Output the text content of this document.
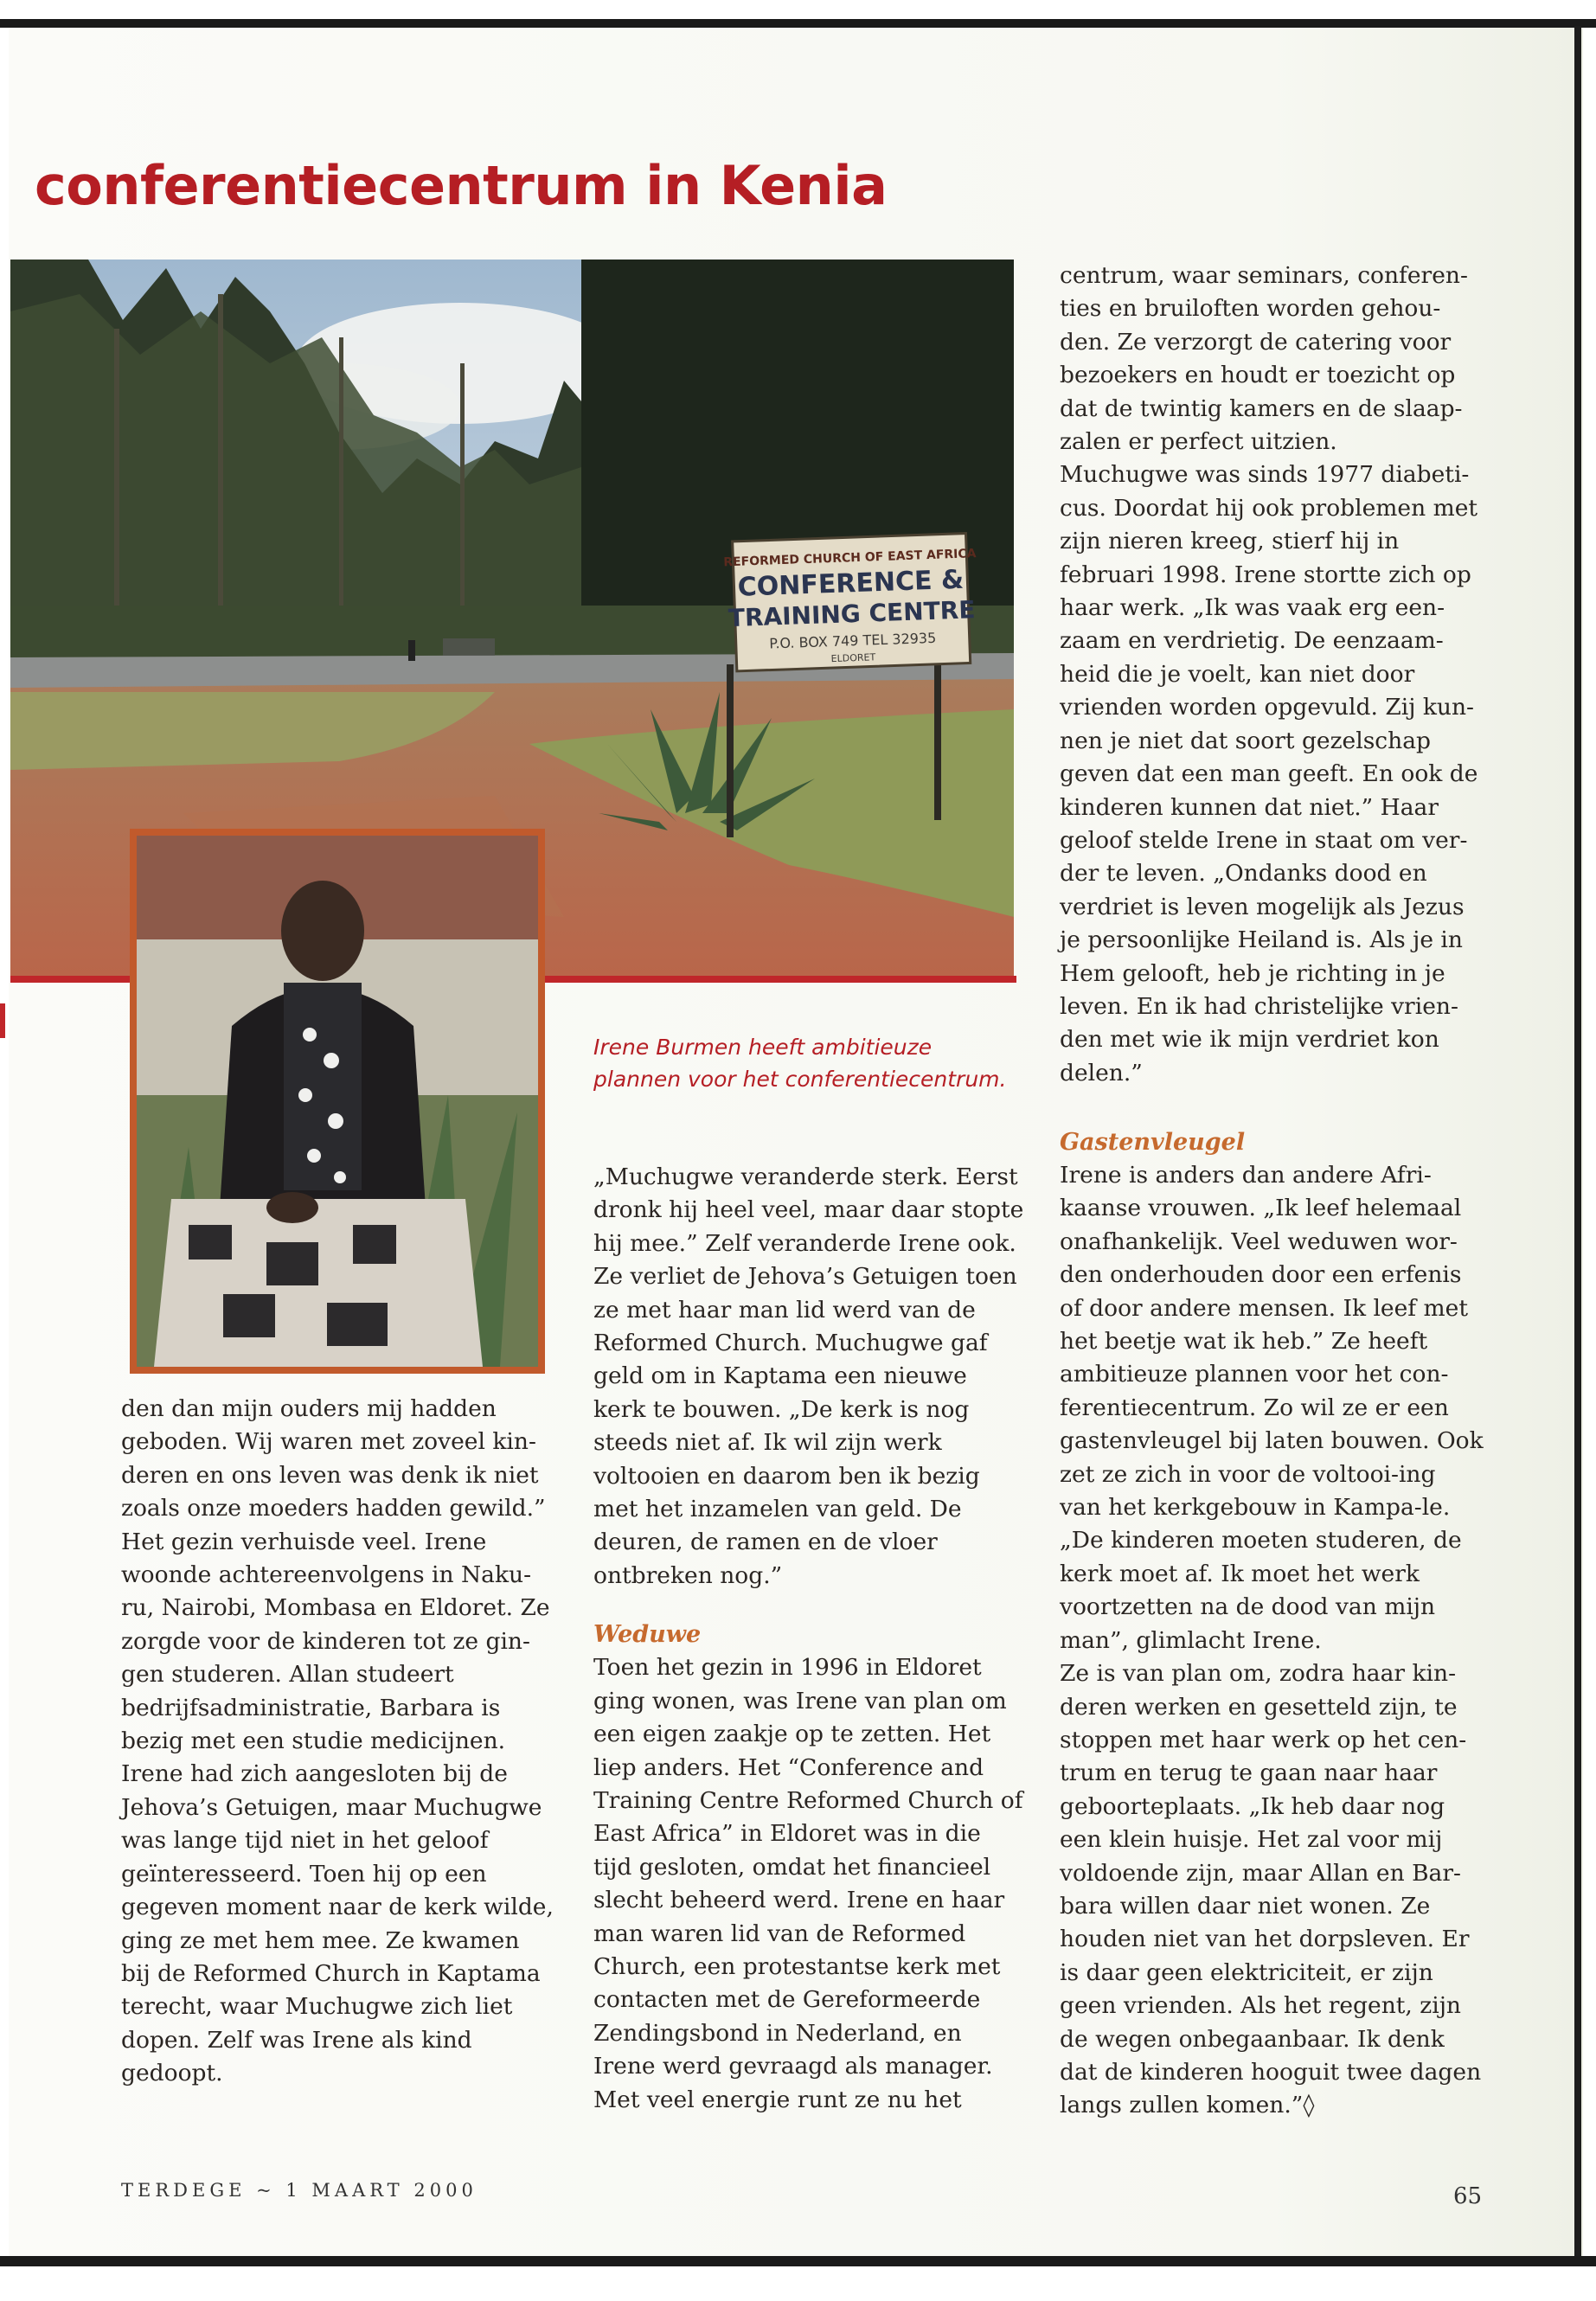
conferentiecentrum in Kenia
REFORMED CHURCH OF EAST AFRICA
CONFERENCE &
TRAINING CENTRE
P.O. BOX 749 TEL 32935
ELDORET

Irene Burmen heeft ambitieuze plannen voor het conferentiecentrum.

den dan mijn ouders mij hadden geboden. Wij waren met zoveel kin-deren en ons leven was denk ik niet zoals onze moeders hadden gewild.”

Het gezin verhuisde veel. Irene woonde achtereenvolgens in Naku-ru, Nairobi, Mombasa en Eldoret. Ze zorgde voor de kinderen tot ze gin-gen studeren. Allan studeert bedrijfsadministratie, Barbara is bezig met een studie medicijnen. Irene had zich aangesloten bij de Jehova’s Getuigen, maar Muchugwe was lange tijd niet in het geloof geïnteresseerd. Toen hij op een gegeven moment naar de kerk wilde, ging ze met hem mee. Ze kwamen bij de Reformed Church in Kaptama terecht, waar Muchugwe zich liet dopen. Zelf was Irene als kind gedoopt.

„Muchugwe veranderde sterk. Eerst dronk hij heel veel, maar daar stopte hij mee.” Zelf veranderde Irene ook. Ze verliet de Jehova’s Getuigen toen ze met haar man lid werd van de Reformed Church. Muchugwe gaf geld om in Kaptama een nieuwe kerk te bouwen. „De kerk is nog steeds niet af. Ik wil zijn werk voltooien en daarom ben ik bezig met het inzamelen van geld. De deuren, de ramen en de vloer ontbreken nog.”

Weduwe

Toen het gezin in 1996 in Eldoret ging wonen, was Irene van plan om een eigen zaakje op te zetten. Het liep anders. Het “Conference and Training Centre Reformed Church of East Africa” in Eldoret was in die tijd gesloten, omdat het financieel slecht beheerd werd. Irene en haar man waren lid van de Reformed Church, een protestantse kerk met contacten met de Gereformeerde Zendingsbond in Nederland, en Irene werd gevraagd als manager. Met veel energie runt ze nu het

centrum, waar seminars, conferen-ties en bruiloften worden gehou-den. Ze verzorgt de catering voor bezoekers en houdt er toezicht op dat de twintig kamers en de slaap-zalen er perfect uitzien.

Muchugwe was sinds 1977 diabeti-cus. Doordat hij ook problemen met zijn nieren kreeg, stierf hij in februari 1998. Irene stortte zich op haar werk. „Ik was vaak erg een-zaam en verdrietig. De eenzaam-heid die je voelt, kan niet door vrienden worden opgevuld. Zij kun-nen je niet dat soort gezelschap geven dat een man geeft. En ook de kinderen kunnen dat niet.” Haar geloof stelde Irene in staat om ver-der te leven. „Ondanks dood en verdriet is leven mogelijk als Jezus je persoonlijke Heiland is. Als je in Hem gelooft, heb je richting in je leven. En ik had christelijke vrien-den met wie ik mijn verdriet kon delen.”

Gastenvleugel

Irene is anders dan andere Afri-kaanse vrouwen. „Ik leef helemaal onafhankelijk. Veel weduwen wor-den onderhouden door een erfenis of door andere mensen. Ik leef met het beetje wat ik heb.” Ze heeft ambitieuze plannen voor het con-ferentiecentrum. Zo wil ze er een gastenvleugel bij laten bouwen. Ook zet ze zich in voor de voltooi-ing van het kerkgebouw in Kampa-le. „De kinderen moeten studeren, de kerk moet af. Ik moet het werk voortzetten na de dood van mijn man”, glimlacht Irene.

Ze is van plan om, zodra haar kin-deren werken en gesetteld zijn, te stoppen met haar werk op het cen-trum en terug te gaan naar haar geboorteplaats. „Ik heb daar nog een klein huisje. Het zal voor mij voldoende zijn, maar Allan en Bar-bara willen daar niet wonen. Ze houden niet van het dorpsleven. Er is daar geen elektriciteit, er zijn geen vrienden. Als het regent, zijn de wegen onbegaanbaar. Ik denk dat de kinderen hooguit twee dagen langs zullen komen.”◊

TERDEGE ~ 1 MAART 2000	65
